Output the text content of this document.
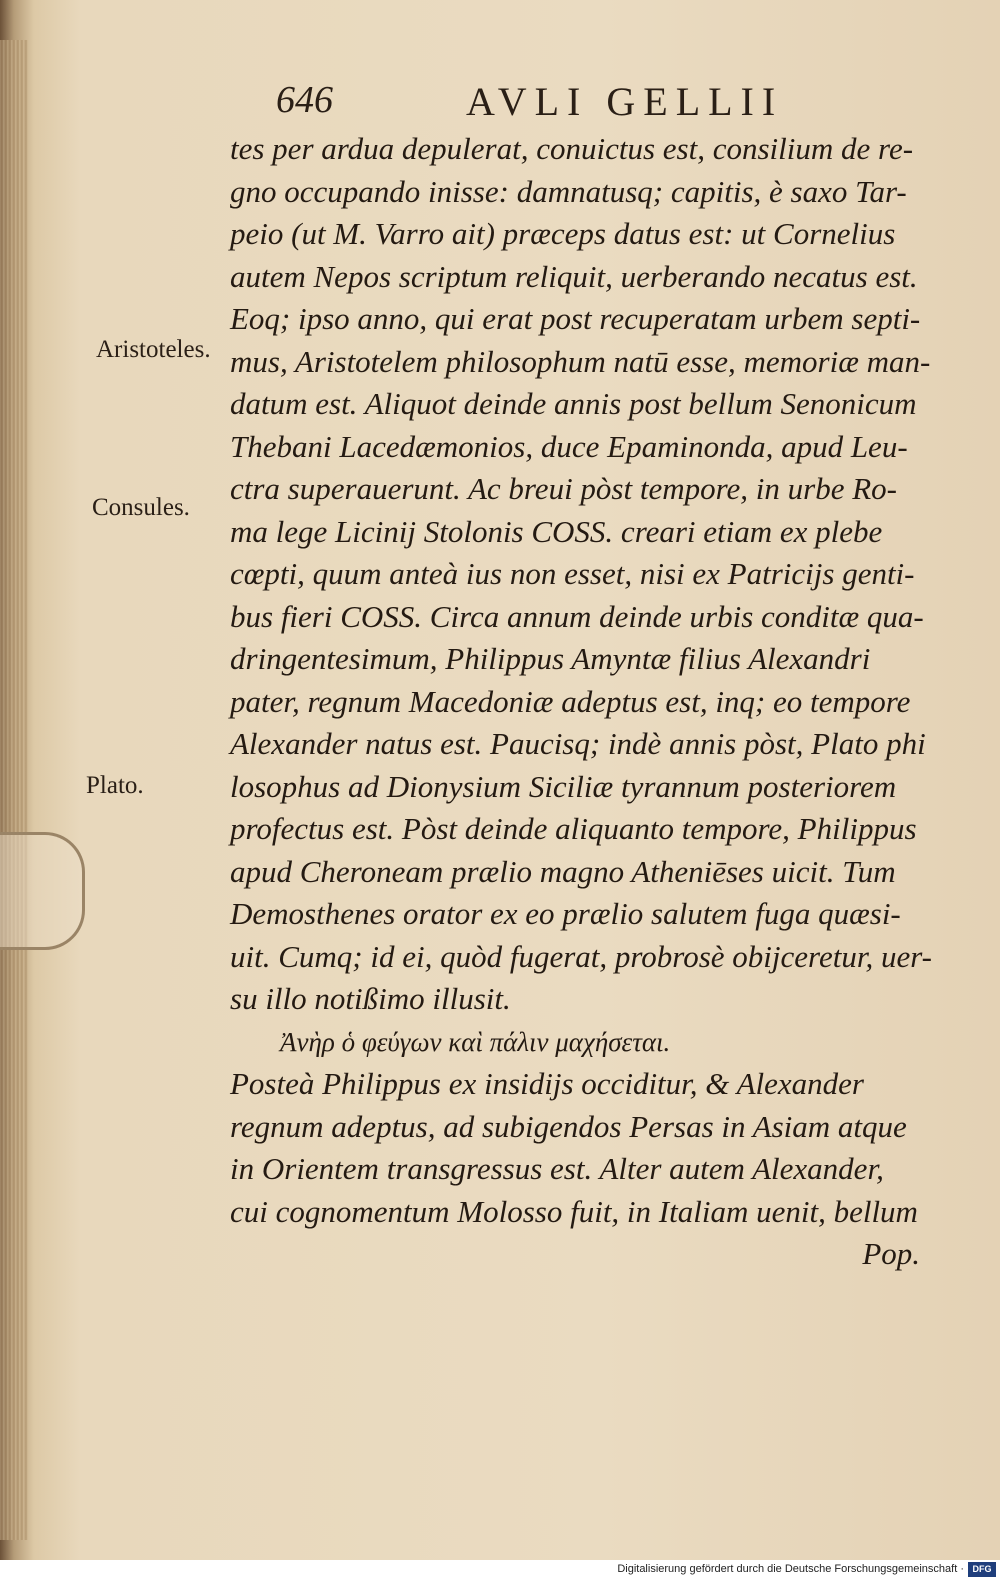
646	AVLI GELLII
Aristoteles.
Consules.
Plato.
tes per ardua depulerat, conuictus est, consilium de re-
gno occupando inisse: damnatusq; capitis, è saxo Tar-
peio (ut M. Varro ait) præceps datus est: ut Cornelius
autem Nepos scriptum reliquit, uerberando necatus est.
Eoq; ipso anno, qui erat post recuperatam urbem septi-
mus, Aristotelem philosophum natū esse, memoriæ man-
datum est. Aliquot deinde annis post bellum Senonicum
Thebani Lacedæmonios, duce Epaminonda, apud Leu-
ctra superauerunt. Ac breui pòst tempore, in urbe Ro-
ma lege Licinij Stolonis COSS. creari etiam ex plebe
cœpti, quum anteà ius non esset, nisi ex Patricijs genti-
bus fieri COSS. Circa annum deinde urbis conditæ qua-
dringentesimum, Philippus Amyntæ filius Alexandri
pater, regnum Macedoniæ adeptus est, inq; eo tempore
Alexander natus est. Paucisq; indè annis pòst, Plato phi
losophus ad Dionysium Siciliæ tyrannum posteriorem
profectus est. Pòst deinde aliquanto tempore, Philippus
apud Cheroneam prælio magno Atheniēses uicit. Tum
Demosthenes orator ex eo prælio salutem fuga quæsi-
uit. Cumq; id ei, quòd fugerat, probrosè obijceretur, uer-
su illo notißimo illusit.
Ἀνὴρ ὁ φεύγων καὶ πάλιν μαχήσεται.
Posteà Philippus ex insidijs occiditur, & Alexander
regnum adeptus, ad subigendos Persas in Asiam atque
in Orientem transgressus est. Alter autem Alexander,
cui cognomentum Molosso fuit, in Italiam uenit, bellum
Pop.
Digitalisierung gefördert durch die Deutsche Forschungsgemeinschaft · DFG
